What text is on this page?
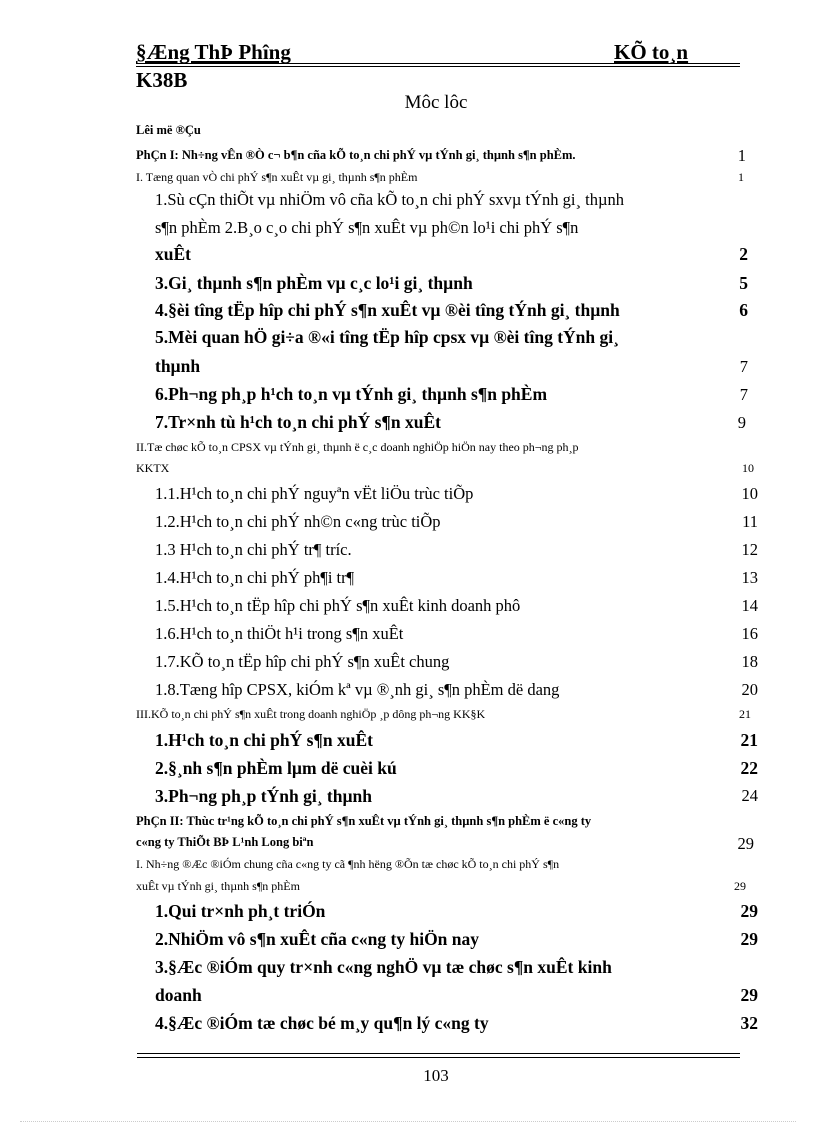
§Æng ThÞ Phîng	KÕ to¸n
K38B
Môc lôc
Lêi më ®Çu
PhÇn I: Nh÷ng vÊn ®Ò c¬ b¶n cña kÕ to¸n chi phÝ vµ tÝnh gi¸ thµnh s¶n phÈm.	1
I. Tæng quan vÒ chi phÝ s¶n xuÊt vµ gi¸ thµnh s¶n phÈm	1
1.Sù cÇn thiÕt vµ nhiÖm vô cña kÕ to¸n chi phÝ sxvµ tÝnh gi¸ thµnh
s¶n phÈm 2.B¸o c¸o chi phÝ s¶n xuÊt vµ ph©n lo¹i chi phÝ s¶n
xuÊt	2
3.Gi¸ thµnh s¶n phÈm vµ c¸c lo¹i gi¸ thµnh	5
4.§èi tîng tËp hîp chi phÝ s¶n xuÊt vµ ®èi tîng tÝnh gi¸ thµnh	6
5.Mèi quan hÖ gi÷a ®«i tîng tËp hîp cpsx vµ ®èi tîng tÝnh gi¸
thµnh	7
6.Ph¬ng ph¸p h¹ch to¸n vµ tÝnh gi¸ thµnh s¶n phÈm	7
7.Tr×nh tù h¹ch to¸n chi phÝ s¶n xuÊt	9
II.Tæ chøc kÕ to¸n CPSX vµ tÝnh gi¸ thµnh ë c¸c doanh nghiÖp hiÖn nay theo ph¬ng ph¸p
KKTX	10
1.1.H¹ch to¸n chi phÝ nguyªn vËt liÖu trùc tiÕp	10
1.2.H¹ch to¸n chi phÝ nh©n c«ng trùc tiÕp	11
1.3 H¹ch to¸n chi phÝ tr¶ tríc.	12
1.4.H¹ch to¸n chi phÝ ph¶i tr¶	13
1.5.H¹ch to¸n tËp hîp chi phÝ s¶n xuÊt kinh doanh phô	14
1.6.H¹ch to¸n thiÖt h¹i trong s¶n xuÊt	16
1.7.KÕ to¸n tËp hîp chi phÝ s¶n xuÊt chung	18
1.8.Tæng hîp CPSX, kiÓm kª vµ ®¸nh gi¸ s¶n phÈm dë dang	20
III.KÕ to¸n chi phÝ s¶n xuÊt trong doanh nghiÖp ¸p dông ph¬ng KK§K	21
1.H¹ch to¸n chi phÝ s¶n xuÊt	21
2.§¸nh s¶n phÈm lµm dë cuèi kú	22
3.Ph¬ng ph¸p tÝnh gi¸ thµnh	24
PhÇn II: Thùc tr¹ng kÕ to¸n chi phÝ s¶n xuÊt vµ tÝnh gi¸ thµnh s¶n phÈm ë c«ng ty
c«ng ty ThiÕt BÞ L¹nh Long biªn	29
I. Nh÷ng ®Æc ®iÓm chung cña c«ng ty cã ¶nh hëng ®Õn tæ chøc kÕ to¸n chi phÝ s¶n
xuÊt vµ tÝnh gi¸ thµnh s¶n phÈm	29
1.Qui tr×nh ph¸t triÓn	29
2.NhiÖm vô s¶n xuÊt cña c«ng ty hiÖn nay	29
3.§Æc ®iÓm quy tr×nh c«ng nghÖ vµ tæ chøc s¶n xuÊt kinh
doanh	29
4.§Æc ®iÓm tæ chøc bé m¸y qu¶n lý c«ng ty	32
103
